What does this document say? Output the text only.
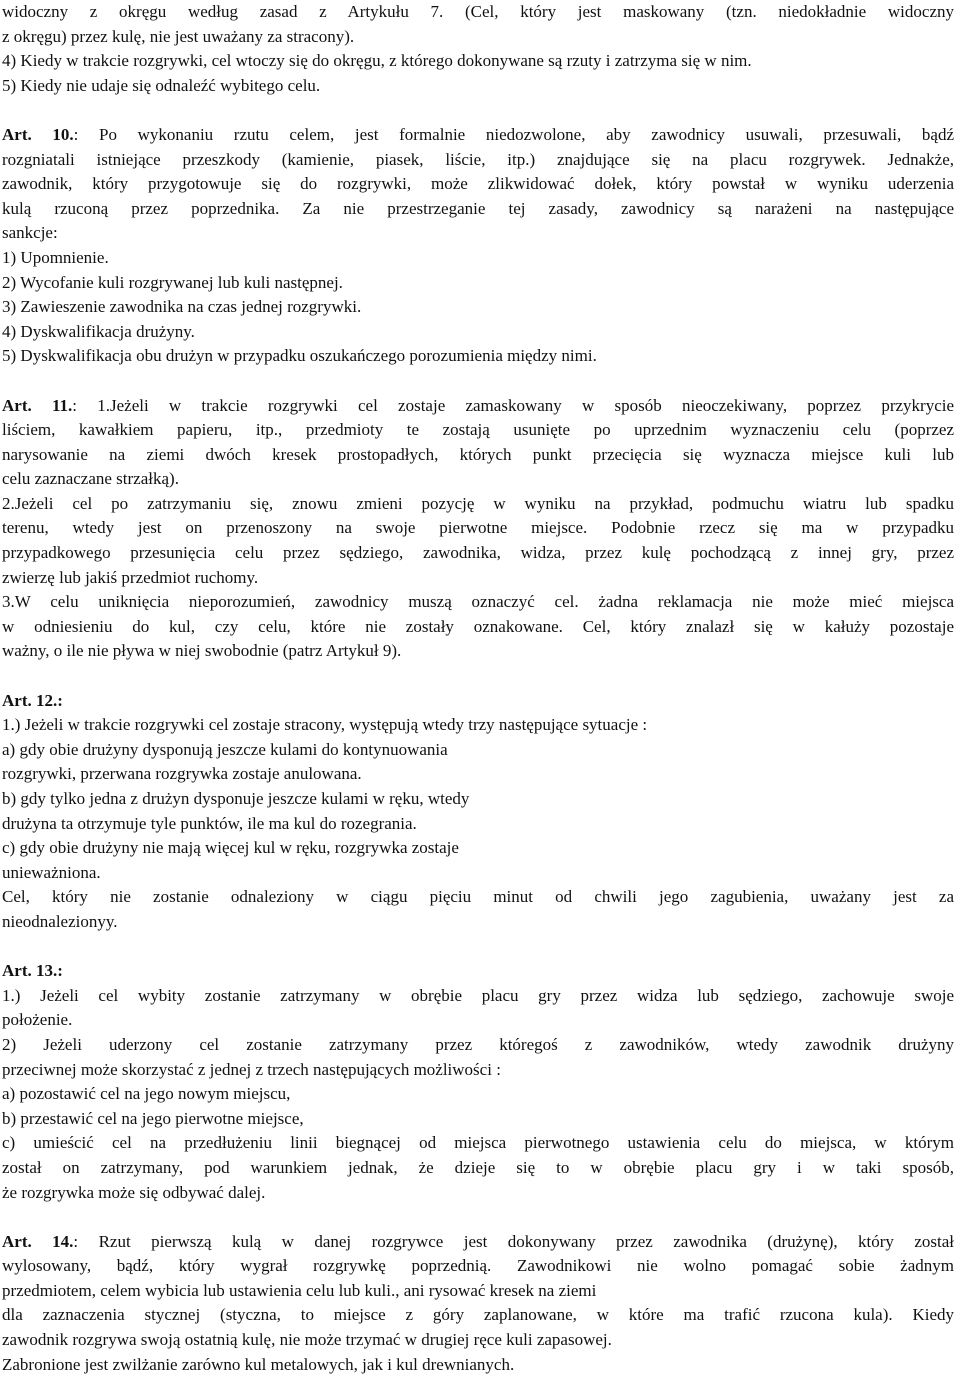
widoczny z okręgu według zasad z Artykułu 7. (Cel, który jest maskowany (tzn. niedokładnie widoczny
z okręgu) przez kulę, nie jest uważany za stracony).
4) Kiedy w trakcie rozgrywki, cel wtoczy się do okręgu, z którego dokonywane są rzuty i zatrzyma się w nim.
5) Kiedy nie udaje się odnaleźć wybitego celu.
Art. 10.: Po wykonaniu rzutu celem, jest formalnie niedozwolone, aby zawodnicy usuwali, przesuwali, bądź
rozgniatali istniejące przeszkody (kamienie, piasek, liście, itp.) znajdujące się na placu rozgrywek. Jednakże,
zawodnik, który przygotowuje się do rozgrywki, może zlikwidować dołek, który powstał w wyniku uderzenia
kulą rzuconą przez poprzednika. Za nie przestrzeganie tej zasady, zawodnicy są narażeni na następujące
sankcje:
1) Upomnienie.
2) Wycofanie kuli rozgrywanej lub kuli następnej.
3) Zawieszenie zawodnika na czas jednej rozgrywki.
4) Dyskwalifikacja drużyny.
5) Dyskwalifikacja obu drużyn w przypadku oszukańczego porozumienia między nimi.
Art. 11.: 1.Jeżeli w trakcie rozgrywki cel zostaje zamaskowany w sposób nieoczekiwany, poprzez przykrycie
liściem, kawałkiem papieru, itp., przedmioty te zostają usunięte po uprzednim wyznaczeniu celu (poprzez
narysowanie na ziemi dwóch kresek prostopadłych, których punkt przecięcia się wyznacza miejsce kuli lub
celu zaznaczane strzałką).
2.Jeżeli cel po zatrzymaniu się, znowu zmieni pozycję w wyniku na przykład, podmuchu wiatru lub spadku
terenu, wtedy jest on przenoszony na swoje pierwotne miejsce. Podobnie rzecz się ma w przypadku
przypadkowego przesunięcia celu przez sędziego, zawodnika, widza, przez kulę pochodzącą z innej gry, przez
zwierzę lub jakiś przedmiot ruchomy.
3.W celu uniknięcia nieporozumień, zawodnicy muszą oznaczyć cel. żadna reklamacja nie może mieć miejsca
w odniesieniu do kul, czy celu, które nie zostały oznakowane. Cel, który znalazł się w kałuży pozostaje
ważny, o ile nie pływa w niej swobodnie (patrz Artykuł 9).
Art. 12.:
1.) Jeżeli w trakcie rozgrywki cel zostaje stracony, występują wtedy trzy następujące sytuacje :
a) gdy obie drużyny dysponują jeszcze kulami do kontynuowania
rozgrywki, przerwana rozgrywka zostaje anulowana.
b) gdy tylko jedna z drużyn dysponuje jeszcze kulami w ręku, wtedy
drużyna ta otrzymuje tyle punktów, ile ma kul do rozegrania.
c) gdy obie drużyny nie mają więcej kul w ręku, rozgrywka zostaje
unieważniona.
Cel, który nie zostanie odnaleziony w ciągu pięciu minut od chwili jego zagubienia, uważany jest za
nieodnalezionyy.
Art. 13.:
1.) Jeżeli cel wybity zostanie zatrzymany w obrębie placu gry przez widza lub sędziego, zachowuje swoje
położenie.
2) Jeżeli uderzony cel zostanie zatrzymany przez któregoś z zawodników, wtedy zawodnik drużyny
przeciwnej może skorzystać z jednej z trzech następujących możliwości :
a) pozostawić cel na jego nowym miejscu,
b) przestawić cel na jego pierwotne miejsce,
c) umieścić cel na przedłużeniu linii biegnącej od miejsca pierwotnego ustawienia celu do miejsca, w którym
został on zatrzymany, pod warunkiem jednak, że dzieje się to w obrębie placu gry i w taki sposób,
że rozgrywka może się odbywać dalej.
Art. 14.: Rzut pierwszą kulą w danej rozgrywce jest dokonywany przez zawodnika (drużynę), który został
wylosowany, bądź, który wygrał rozgrywkę poprzednią. Zawodnikowi nie wolno pomagać sobie żadnym
przedmiotem, celem wybicia lub ustawienia celu lub kuli., ani rysować kresek na ziemi
dla zaznaczenia stycznej (styczna, to miejsce z góry zaplanowane, w które ma trafić rzucona kula). Kiedy
zawodnik rozgrywa swoją ostatnią kulę, nie może trzymać w drugiej ręce kuli zapasowej.
Zabronione jest zwilżanie zarówno kul metalowych, jak i kul drewnianych.
